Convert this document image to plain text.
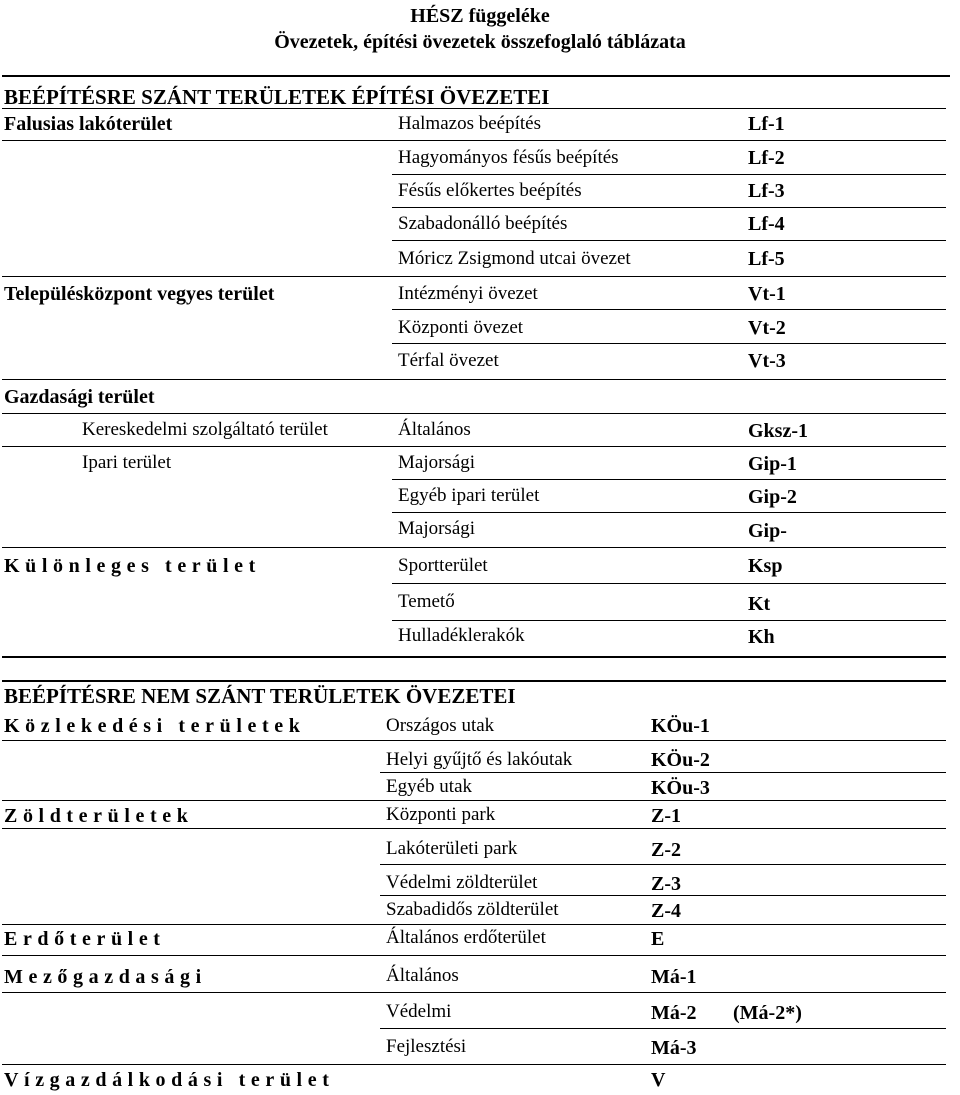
HÉSZ függeléke
Övezetek, építési övezetek összefoglaló táblázata
BEÉPÍTÉSRE SZÁNT TERÜLETEK ÉPÍTÉSI ÖVEZETEI
Falusias lakóterület	Halmazos beépítés	Lf-1
Hagyományos fésűs beépítés	Lf-2
Fésűs előkertes beépítés	Lf-3
Szabadonálló beépítés	Lf-4
Móricz Zsigmond utcai övezet	Lf-5
Településközpont vegyes terület	Intézményi övezet	Vt-1
Központi övezet	Vt-2
Térfal övezet	Vt-3
Gazdasági terület
Kereskedelmi szolgáltató terület	Általános	Gksz-1
Ipari terület	Majorsági	Gip-1
Egyéb ipari terület	Gip-2
Majorsági	Gip-
Különleges terület	Sportterület	Ksp
Temető	Kt
Hulladéklerakók	Kh
BEÉPÍTÉSRE NEM SZÁNT TERÜLETEK ÖVEZETEI
Közlekedési területek	Országos utak	KÖu-1
Helyi gyűjtő és lakóutak	KÖu-2
Egyéb utak	KÖu-3
Zöldterületek	Központi park	Z-1
Lakóterületi park	Z-2
Védelmi zöldterület	Z-3
Szabadidős zöldterület	Z-4
Erdőterület	Általános erdőterület	E
Mezőgazdasági	Általános	Má-1
Védelmi	Má-2 (Má-2*)
Fejlesztési	Má-3
Vízgazdálkodási terület	V
